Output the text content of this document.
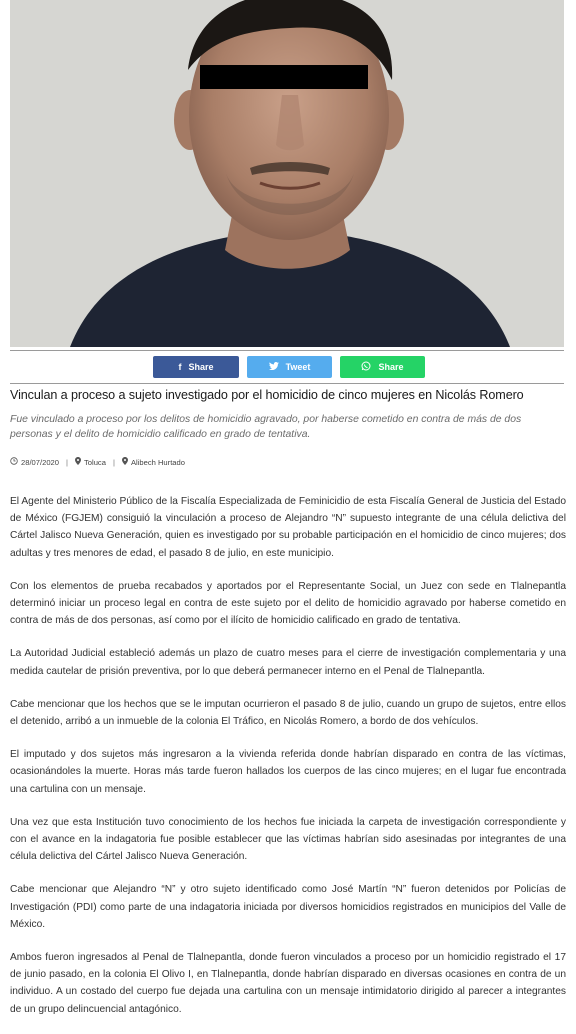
f Share	Tweet	Share
Vinculan a proceso a sujeto investigado por el homicidio de cinco mujeres en Nicolás Romero
Fue vinculado a proceso por los delitos de homicidio agravado, por haberse cometido en contra de más de dos personas y el delito de homicidio calificado en grado de tentativa.
28/07/2020 | Toluca | Alibech Hurtado

El Agente del Ministerio Público de la Fiscalía Especializada de Feminicidio de esta Fiscalía General de Justicia del Estado de México (FGJEM) consiguió la vinculación a proceso de Alejandro “N” supuesto integrante de una célula delictiva del Cártel Jalisco Nueva Generación, quien es investigado por su probable participación en el homicidio de cinco mujeres; dos adultas y tres menores de edad, el pasado 8 de julio, en este municipio.

Con los elementos de prueba recabados y aportados por el Representante Social, un Juez con sede en Tlalnepantla determinó iniciar un proceso legal en contra de este sujeto por el delito de homicidio agravado por haberse cometido en contra de más de dos personas, así como por el ilícito de homicidio calificado en grado de tentativa.

La Autoridad Judicial estableció además un plazo de cuatro meses para el cierre de investigación complementaria y una medida cautelar de prisión preventiva, por lo que deberá permanecer interno en el Penal de Tlalnepantla.

Cabe mencionar que los hechos que se le imputan ocurrieron el pasado 8 de julio, cuando un grupo de sujetos, entre ellos el detenido, arribó a un inmueble de la colonia El Tráfico, en Nicolás Romero, a bordo de dos vehículos.

El imputado y dos sujetos más ingresaron a la vivienda referida donde habrían disparado en contra de las víctimas, ocasionándoles la muerte. Horas más tarde fueron hallados los cuerpos de las cinco mujeres; en el lugar fue encontrada una cartulina con un mensaje.

Una vez que esta Institución tuvo conocimiento de los hechos fue iniciada la carpeta de investigación correspondiente y con el avance en la indagatoria fue posible establecer que las víctimas habrían sido asesinadas por integrantes de una célula delictiva del Cártel Jalisco Nueva Generación.

Cabe mencionar que Alejandro “N” y otro sujeto identificado como José Martín “N” fueron detenidos por Policías de Investigación (PDI) como parte de una indagatoria iniciada por diversos homicidios registrados en municipios del Valle de México.

Ambos fueron ingresados al Penal de Tlalnepantla, donde fueron vinculados a proceso por un homicidio registrado el 17 de junio pasado, en la colonia El Olivo I, en Tlalnepantla, donde habrían disparado en diversas ocasiones en contra de un individuo. A un costado del cuerpo fue dejada una cartulina con un mensaje intimidatorio dirigido al parecer a integrantes de un grupo delincuencial antagónico.
